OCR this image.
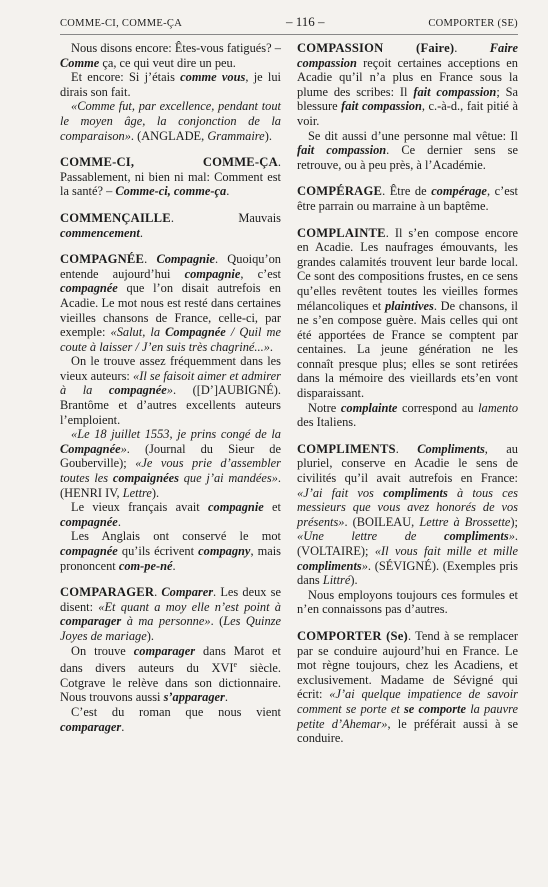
COMME-CI, COMME-ÇA	– 116 –	COMPORTER (SE)

Nous disons encore: Êtes-vous fatigués? – Comme ça, ce qui veut dire un peu.

Et encore: Si j’étais comme vous, je lui dirais son fait.

«Comme fut, par excellence, pendant tout le moyen âge, la conjonction de la comparaison». (ANGLADE, Grammaire).

COMME-CI, COMME-ÇA. Passablement, ni bien ni mal: Comment est la santé? – Comme-ci, comme-ça.

COMMENÇAILLE. Mauvais commencement.

COMPAGNÉE. Compagnie. Quoiqu’on entende aujourd’hui compagnie, c’est compagnée que l’on disait autrefois en Acadie. Le mot nous est resté dans certaines vieilles chansons de France, celle-ci, par exemple: «Salut, la Compagnée / Quil me coute à laisser / J’en suis très chagriné...».

On le trouve assez fréquemment dans les vieux auteurs: «Il se faisoit aimer et admirer à la compagnée». ([D’]AUBIGNÉ). Brantôme et d’autres excellents auteurs l’emploient.

«Le 18 juillet 1553, je prins congé de la Compagnée». (Journal du Sieur de Gouberville); «Je vous prie d’assembler toutes les compaignées que j’ai mandées». (HENRI IV, Lettre).

Le vieux français avait compagnie et compagnée.

Les Anglais ont conservé le mot compagnée qu’ils écrivent compagny, mais prononcent com-pe-né.

COMPARAGER. Comparer. Les deux se disent: «Et quant a moy elle n’est point à comparager à ma personne». (Les Quinze Joyes de mariage).

On trouve comparager dans Marot et dans divers auteurs du XVIe siècle. Cotgrave le relève dans son dictionnaire. Nous trouvons aussi s’apparager.

C’est du roman que nous vient comparager.

COMPASSION (Faire). Faire compassion reçoit certaines acceptions en Acadie qu’il n’a plus en France sous la plume des scribes: Il fait compassion; Sa blessure fait compassion, c.-à-d., fait pitié à voir.

Se dit aussi d’une personne mal vêtue: Il fait compassion. Ce dernier sens se retrouve, ou à peu près, à l’Académie.

COMPÉRAGE. Être de compérage, c’est être parrain ou marraine à un baptême.

COMPLAINTE. Il s’en compose encore en Acadie. Les naufrages émouvants, les grandes calamités trouvent leur barde local. Ce sont des compositions frustes, en ce sens qu’elles revêtent toutes les vieilles formes mélancoliques et plaintives. De chansons, il ne s’en compose guère. Mais celles qui ont été apportées de France se comptent par centaines. La jeune génération ne les connaît presque plus; elles se sont retirées dans la mémoire des vieillards ets’en vont disparaissant.

Notre complainte correspond au lamento des Italiens.

COMPLIMENTS. Compliments, au pluriel, conserve en Acadie le sens de civilités qu’il avait autrefois en France: «J’ai fait vos compliments à tous ces messieurs que vous avez honorés de vos présents». (BOILEAU, Lettre à Brossette); «Une lettre de compliments». (VOLTAIRE); «Il vous fait mille et mille compliments». (SÉVIGNÉ). (Exemples pris dans Littré).

Nous employons toujours ces formules et n’en connaissons pas d’autres.

COMPORTER (Se). Tend à se remplacer par se conduire aujourd’hui en France. Le mot règne toujours, chez les Acadiens, et exclusivement. Madame de Sévigné qui écrit: «J’ai quelque impatience de savoir comment se porte et se comporte la pauvre petite d’Ahemar», le préférait aussi à se conduire.
